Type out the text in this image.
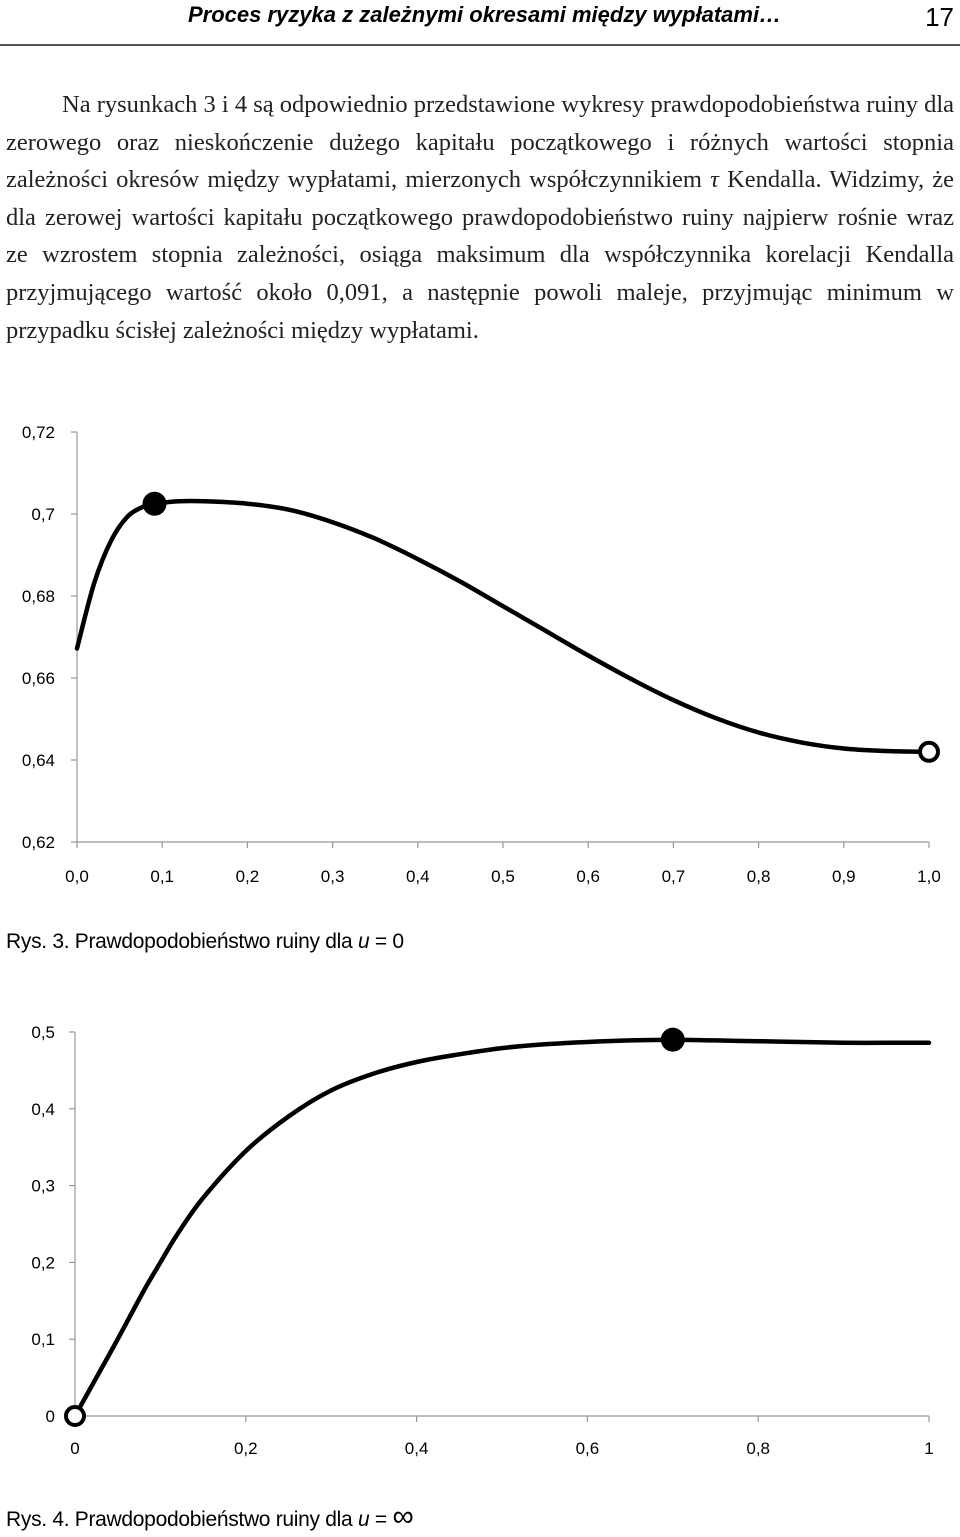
Proces ryzyka z zależnymi okresami między wypłatami…	17

Na rysunkach 3 i 4 są odpowiednio przedstawione wykresy prawdopodobieństwa ruiny dla zerowego oraz nieskończenie dużego kapitału początkowego i różnych wartości stopnia zależności okresów między wypłatami, mierzonych współczynnikiem τ Kendalla. Widzimy, że dla zerowej wartości kapitału początkowego prawdopodobieństwo ruiny najpierw rośnie wraz ze wzrostem stopnia zależności, osiąga maksimum dla współczynnika korelacji Kendalla przyjmującego wartość około 0,091, a następnie powoli maleje, przyjmując minimum w przypadku ścisłej zależności między wypłatami.

0,62
0,64
0,66
0,68
0,7
0,72
0,0	0,1	0,2	0,3	0,4	0,5	0,6	0,7	0,8	0,9	1,0
Rys. 3. Prawdopodobieństwo ruiny dla u = 0
0
0,1
0,2
0,3
0,4
0,5
0	0,2	0,4	0,6	0,8	1
Rys. 4. Prawdopodobieństwo ruiny dla u = ∞
